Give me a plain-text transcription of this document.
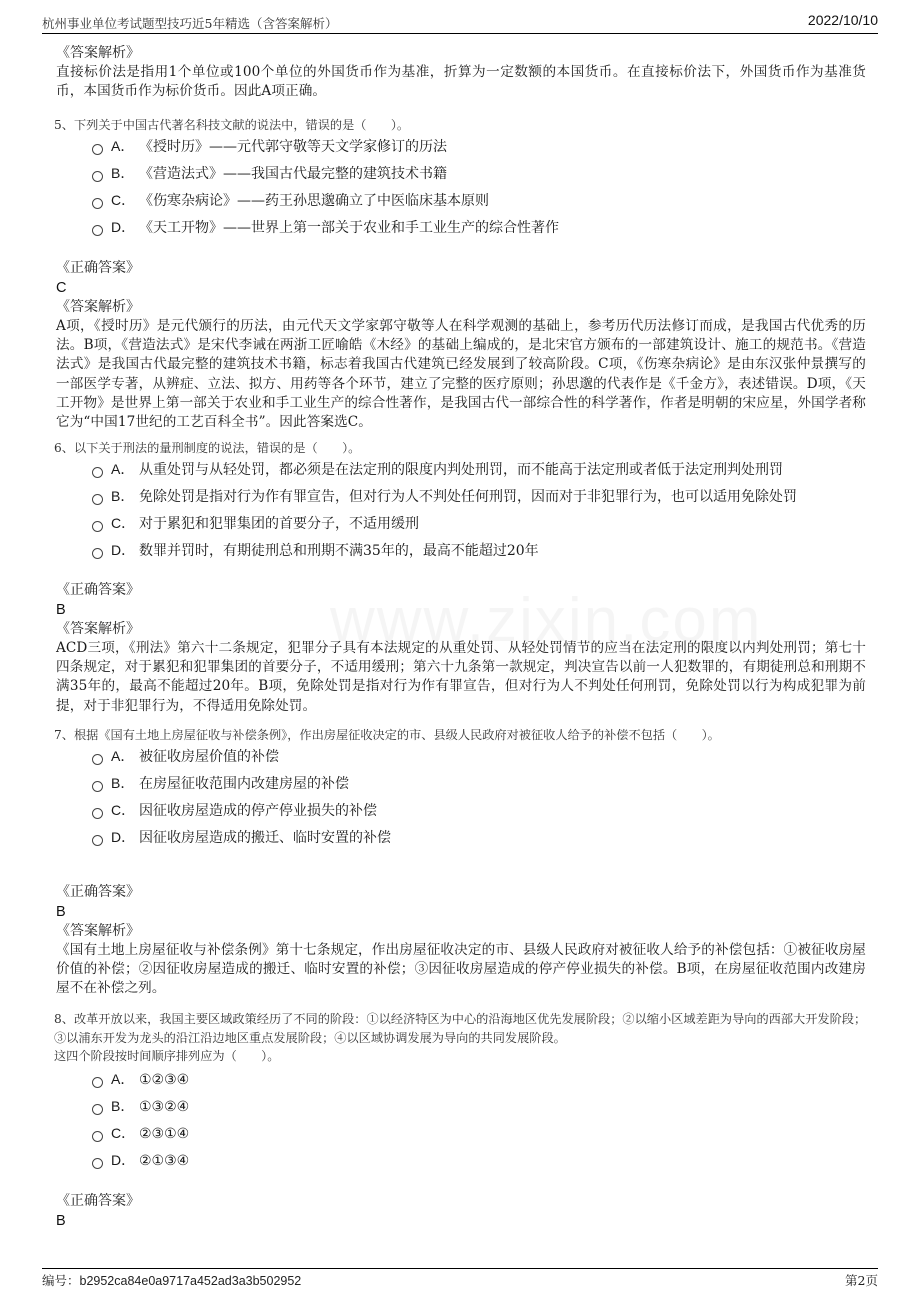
杭州事业单位考试题型技巧近5年精选（含答案解析）	2022/10/10
《答案解析》
直接标价法是指用1个单位或100个单位的外国货币作为基准，折算为一定数额的本国货币。在直接标价法下，外国货币作为基准货币，本国货币作为标价货币。因此A项正确。
5、下列关于中国古代著名科技文献的说法中，错误的是（　　）。
A． 《授时历》——元代郭守敬等天文学家修订的历法
B． 《营造法式》——我国古代最完整的建筑技术书籍
C． 《伤寒杂病论》——药王孙思邈确立了中医临床基本原则
D． 《天工开物》——世界上第一部关于农业和手工业生产的综合性著作
《正确答案》
C
《答案解析》
A项，《授时历》是元代颁行的历法，由元代天文学家郭守敬等人在科学观测的基础上，参考历代历法修订而成，是我国古代优秀的历法。B项，《营造法式》是宋代李诫在两浙工匠喻皓《木经》的基础上编成的，是北宋官方颁布的一部建筑设计、施工的规范书。《营造法式》是我国古代最完整的建筑技术书籍，标志着我国古代建筑已经发展到了较高阶段。C项，《伤寒杂病论》是由东汉张仲景撰写的一部医学专著，从辨症、立法、拟方、用药等各个环节，建立了完整的医疗原则；孙思邈的代表作是《千金方》，表述错误。D项，《天工开物》是世界上第一部关于农业和手工业生产的综合性著作，是我国古代一部综合性的科学著作，作者是明朝的宋应星，外国学者称它为“中国17世纪的工艺百科全书”。因此答案选C。
6、以下关于刑法的量刑制度的说法，错误的是（　　）。
A． 从重处罚与从轻处罚，都必须是在法定刑的限度内判处刑罚，而不能高于法定刑或者低于法定刑判处刑罚
B． 免除处罚是指对行为作有罪宣告，但对行为人不判处任何刑罚，因而对于非犯罪行为，也可以适用免除处罚
C． 对于累犯和犯罪集团的首要分子，不适用缓刑
D． 数罪并罚时，有期徒刑总和刑期不满35年的，最高不能超过20年
《正确答案》
B
《答案解析》
ACD三项，《刑法》第六十二条规定，犯罪分子具有本法规定的从重处罚、从轻处罚情节的应当在法定刑的限度以内判处刑罚；第七十四条规定，对于累犯和犯罪集团的首要分子，不适用缓刑；第六十九条第一款规定，判决宣告以前一人犯数罪的，有期徒刑总和刑期不满35年的，最高不能超过20年。B项，免除处罚是指对行为作有罪宣告，但对行为人不判处任何刑罚，免除处罚以行为构成犯罪为前提，对于非犯罪行为，不得适用免除处罚。
7、根据《国有土地上房屋征收与补偿条例》，作出房屋征收决定的市、县级人民政府对被征收人给予的补偿不包括（　　）。
A． 被征收房屋价值的补偿
B． 在房屋征收范围内改建房屋的补偿
C． 因征收房屋造成的停产停业损失的补偿
D． 因征收房屋造成的搬迁、临时安置的补偿
《正确答案》
B
《答案解析》
《国有土地上房屋征收与补偿条例》第十七条规定，作出房屋征收决定的市、县级人民政府对被征收人给予的补偿包括：①被征收房屋价值的补偿；②因征收房屋造成的搬迁、临时安置的补偿；③因征收房屋造成的停产停业损失的补偿。B项，在房屋征收范围内改建房屋不在补偿之列。
8、改革开放以来，我国主要区域政策经历了不同的阶段：①以经济特区为中心的沿海地区优先发展阶段；②以缩小区域差距为导向的西部大开发阶段；③以浦东开发为龙头的沿江沿边地区重点发展阶段；④以区域协调发展为导向的共同发展阶段。
这四个阶段按时间顺序排列应为（　　）。
A． ①②③④
B． ①③②④
C． ②③①④
D． ②①③④
《正确答案》
B
编号：b2952ca84e0a9717a452ad3a3b502952	第2页
